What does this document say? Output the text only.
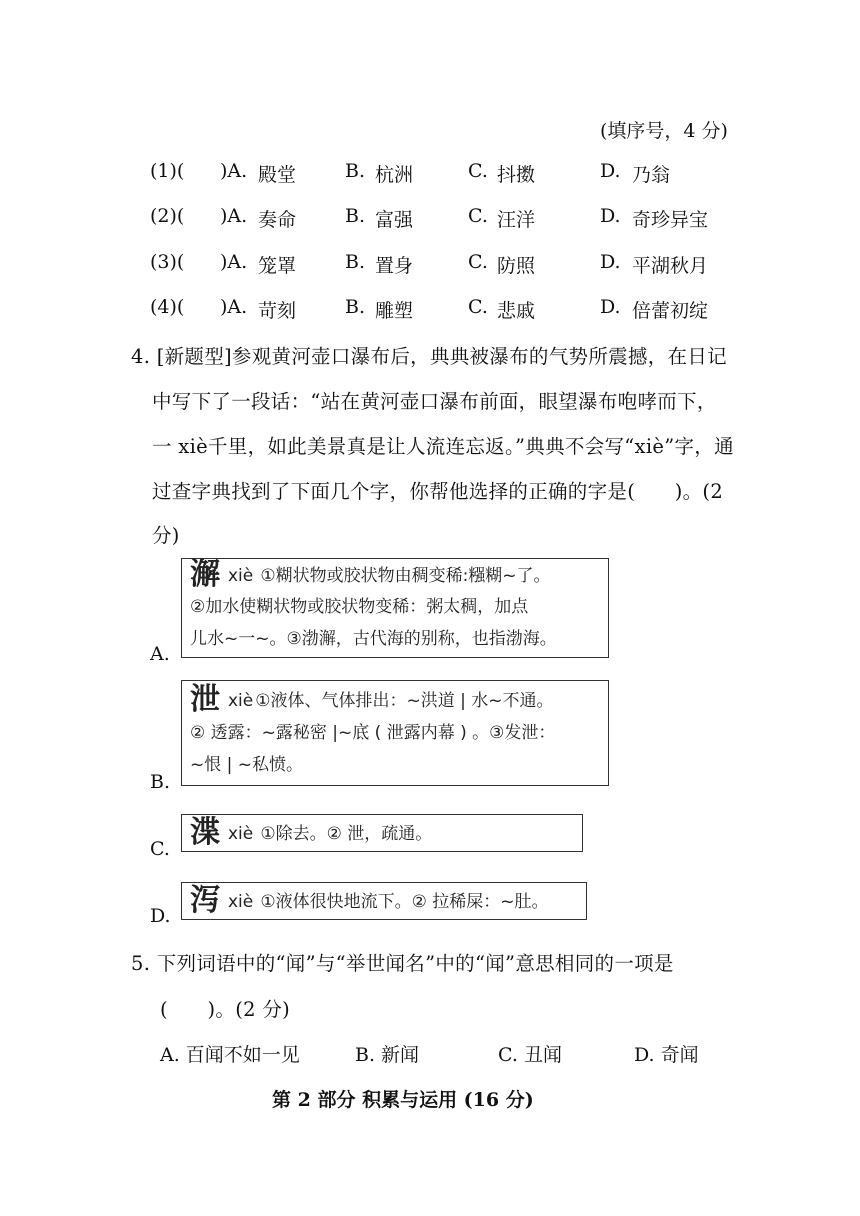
(填序号，4 分)
(1)( )A. 殿堂	B. 杭洲	C. 抖擞	D. 乃翁
(2)( )A. 奏命	B. 富强	C. 汪洋	D. 奇珍异宝
(3)( )A. 笼罩	B. 置身	C. 防照	D. 平湖秋月
(4)( )A. 苛刻	B. 雕塑	C. 悲戚	D. 倍蕾初绽
4. [新题型]参观黄河壶口瀑布后，典典被瀑布的气势所震撼，在日记
中写下了一段话：“站在黄河壶口瀑布前面，眼望瀑布咆哮而下，
一 xiè千里，如此美景真是让人流连忘返。”典典不会写“xiè”字，通
过查字典找到了下面几个字，你帮他选择的正确的字是(　　)。(2
分)
A.
澥xiè ①糊状物或胶状物由稠变稀:糨糊~了。
②加水使糊状物或胶状物变稀：粥太稠，加点
儿水~一~。③渤澥，古代海的别称，也指渤海。
B.
泄xiè ①液体、气体排出：~洪道 | 水~不通。
② 透露：~露秘密 |~底 ( 泄露内幕 ) 。③发泄：
~恨 | ~私愤。
C. 渫xiè ①除去。② 泄，疏通。
D. 泻xiè ①液体很快地流下。② 拉稀屎：~肚。
5. 下列词语中的“闻”与“举世闻名”中的“闻”意思相同的一项是
(　　)。(2 分)
A. 百闻不如一见	B. 新闻	C. 丑闻	D. 奇闻
第 2 部分 积累与运用 (16 分)
